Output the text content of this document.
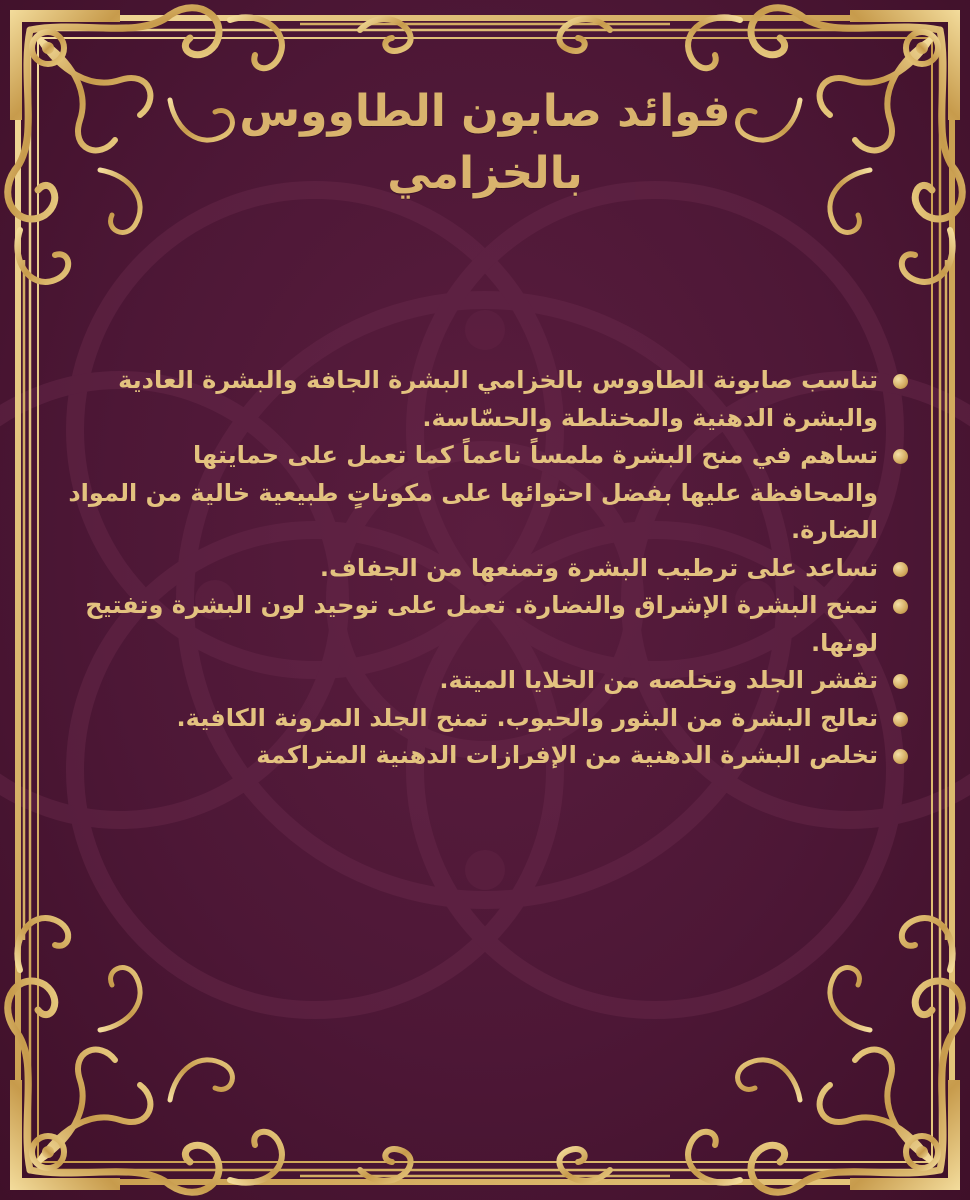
فوائد صابون الطاووس
بالخزامي
تناسب صابونة الطاووس بالخزامي البشرة الجافة والبشرة العادية والبشرة الدهنية والمختلطة والحسّاسة.
تساهم في منح البشرة ملمساً ناعماً كما تعمل على حمايتها والمحافظة عليها بفضل احتوائها على مكوناتٍ طبيعية خالية من المواد الضارة.
تساعد على ترطيب البشرة وتمنعها من الجفاف.
تمنح البشرة الإشراق والنضارة. تعمل على توحيد لون البشرة وتفتيح لونها.
تقشر الجلد وتخلصه من الخلايا الميتة.
تعالج البشرة من البثور والحبوب. تمنح الجلد المرونة الكافية.
تخلص البشرة الدهنية من الإفرازات الدهنية المتراكمة
